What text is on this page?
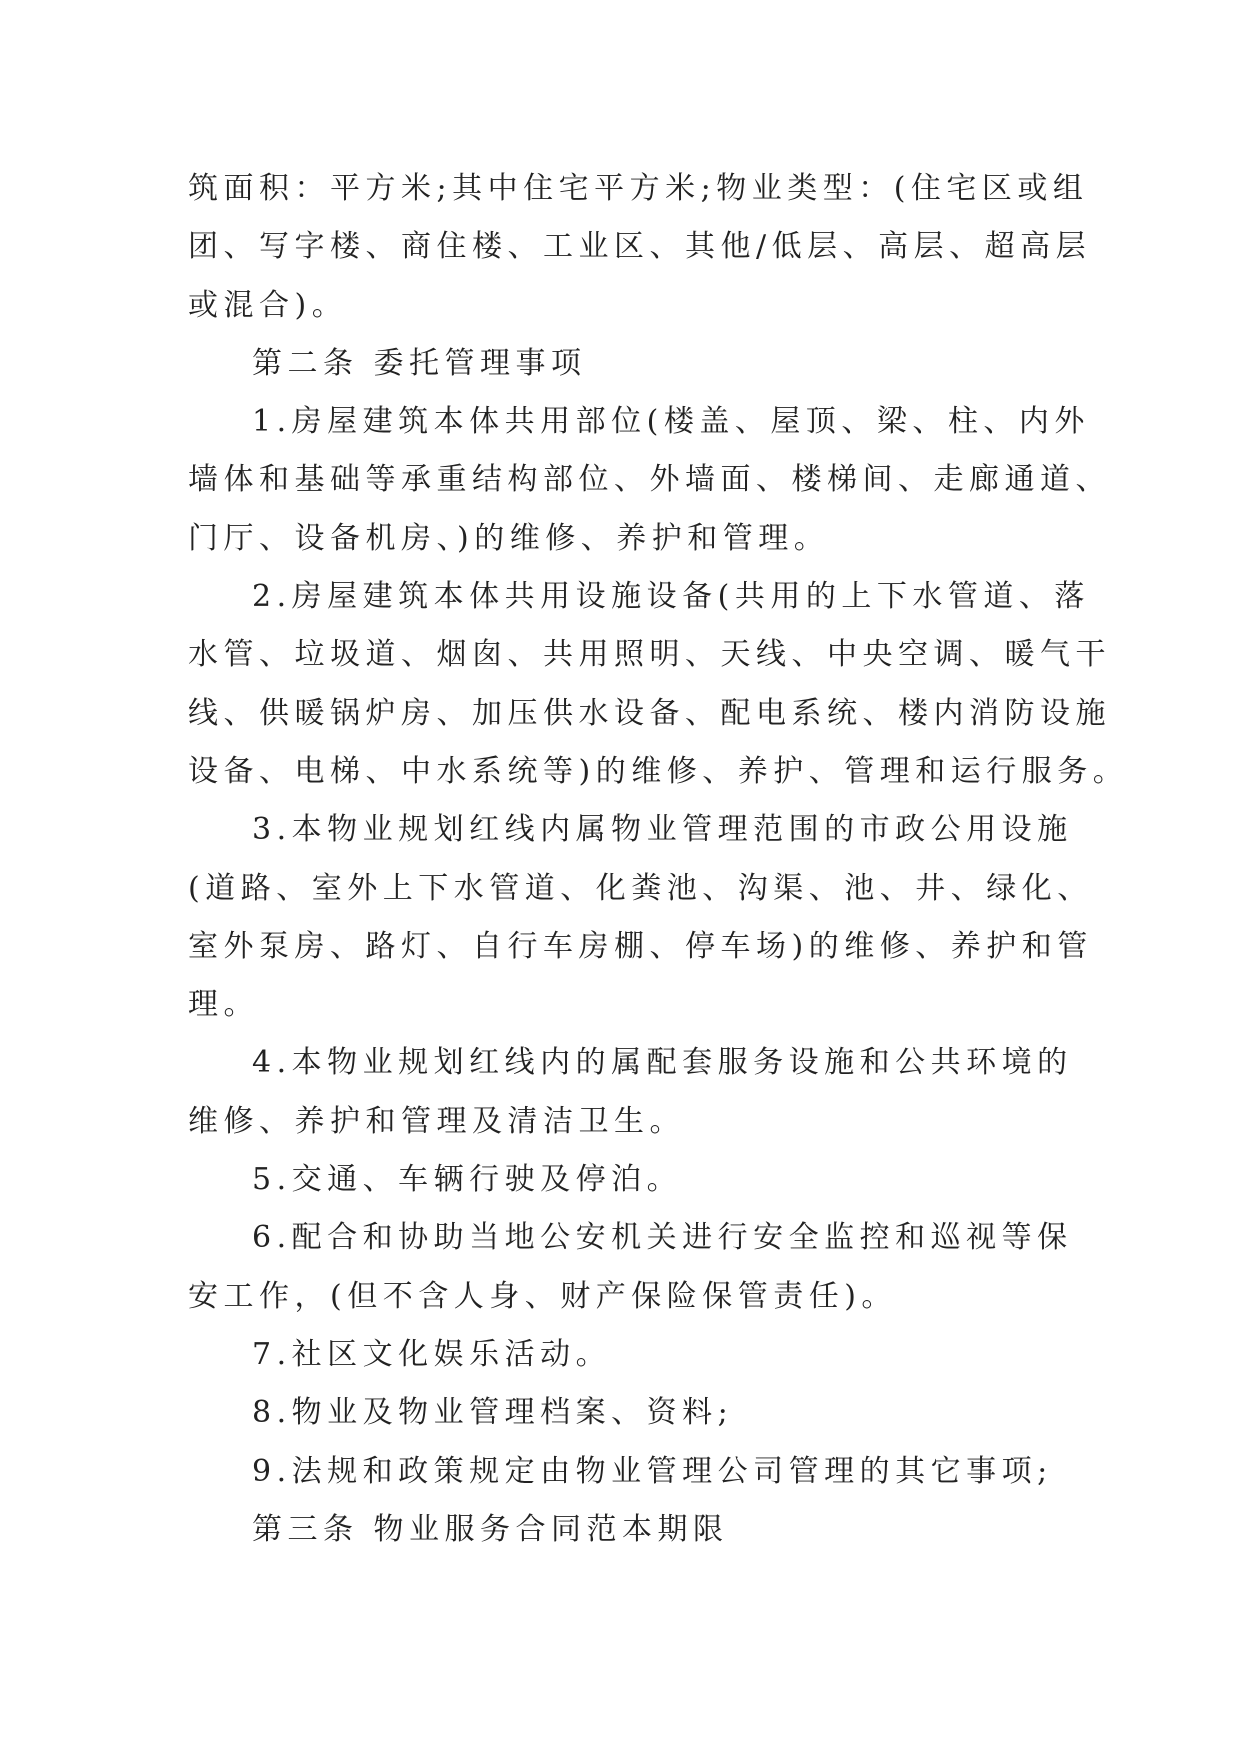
筑面积：平方米;其中住宅平方米;物业类型：(住宅区或组
团、写字楼、商住楼、工业区、其他/低层、高层、超高层
或混合)。
第二条 委托管理事项
1.房屋建筑本体共用部位(楼盖、屋顶、梁、柱、内外
墙体和基础等承重结构部位、外墙面、楼梯间、走廊通道、
门厅、设备机房、)的维修、养护和管理。
2.房屋建筑本体共用设施设备(共用的上下水管道、落
水管、垃圾道、烟囱、共用照明、天线、中央空调、暖气干
线、供暖锅炉房、加压供水设备、配电系统、楼内消防设施
设备、电梯、中水系统等)的维修、养护、管理和运行服务。
3.本物业规划红线内属物业管理范围的市政公用设施
(道路、室外上下水管道、化粪池、沟渠、池、井、绿化、
室外泵房、路灯、自行车房棚、停车场)的维修、养护和管
理。
4.本物业规划红线内的属配套服务设施和公共环境的
维修、养护和管理及清洁卫生。
5.交通、车辆行驶及停泊。
6.配合和协助当地公安机关进行安全监控和巡视等保
安工作，(但不含人身、财产保险保管责任)。
7.社区文化娱乐活动。
8.物业及物业管理档案、资料;
9.法规和政策规定由物业管理公司管理的其它事项;
第三条 物业服务合同范本期限
